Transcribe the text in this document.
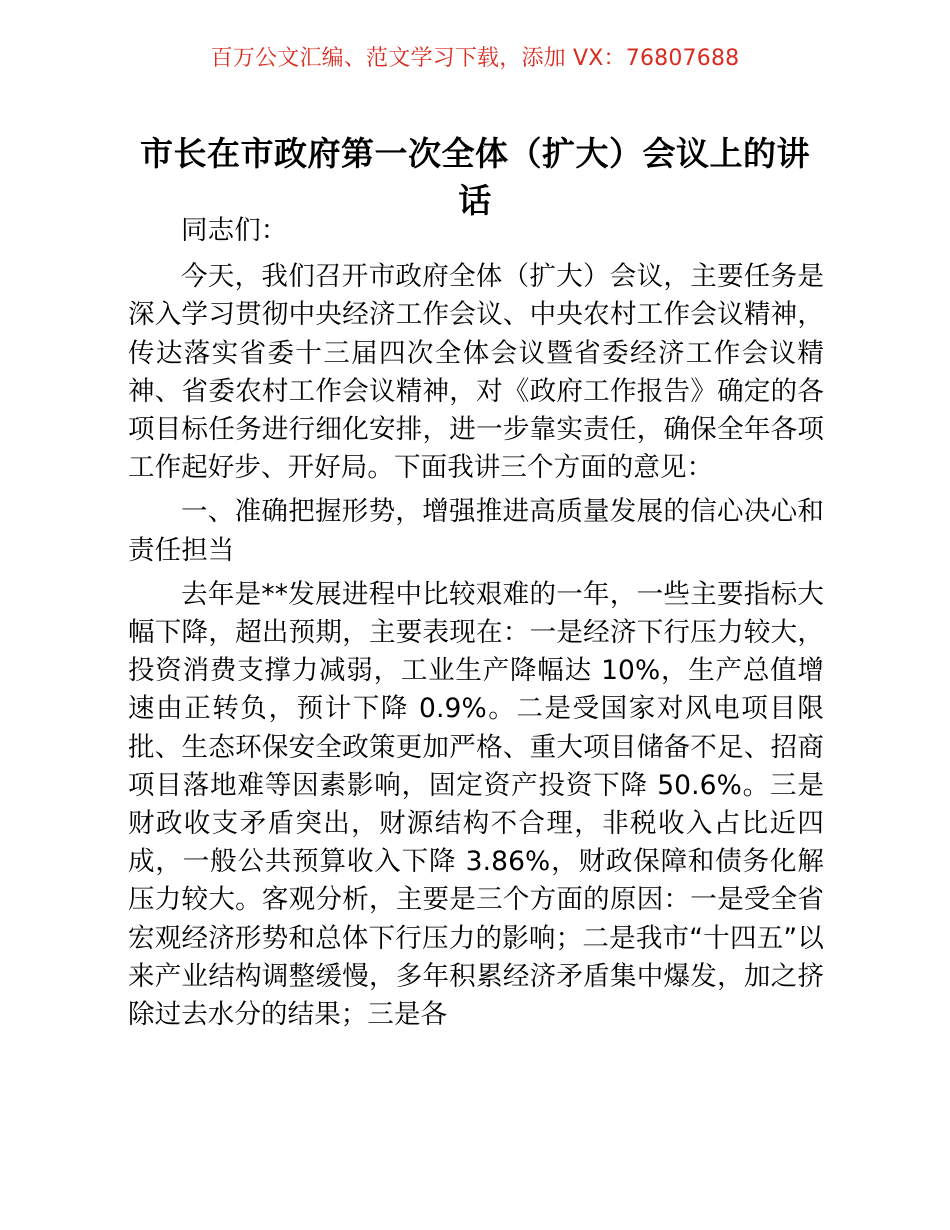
百万公文汇编、范文学习下载，添加 VX：76807688
市长在市政府第一次全体（扩大）会议上的讲话

同志们：

今天，我们召开市政府全体（扩大）会议，主要任务是深入学习贯彻中央经济工作会议、中央农村工作会议精神，传达落实省委十三届四次全体会议暨省委经济工作会议精神、省委农村工作会议精神，对《政府工作报告》确定的各项目标任务进行细化安排，进一步靠实责任，确保全年各项工作起好步、开好局。下面我讲三个方面的意见：

一、准确把握形势，增强推进高质量发展的信心决心和责任担当

去年是**发展进程中比较艰难的一年，一些主要指标大幅下降，超出预期，主要表现在：一是经济下行压力较大，投资消费支撑力减弱，工业生产降幅达 10%，生产总值增速由正转负，预计下降 0.9%。二是受国家对风电项目限批、生态环保安全政策更加严格、重大项目储备不足、招商项目落地难等因素影响，固定资产投资下降 50.6%。三是财政收支矛盾突出，财源结构不合理，非税收入占比近四成，一般公共预算收入下降 3.86%，财政保障和债务化解压力较大。客观分析，主要是三个方面的原因：一是受全省宏观经济形势和总体下行压力的影响；二是我市“十四五”以来产业结构调整缓慢，多年积累经济矛盾集中爆发，加之挤除过去水分的结果；三是各
